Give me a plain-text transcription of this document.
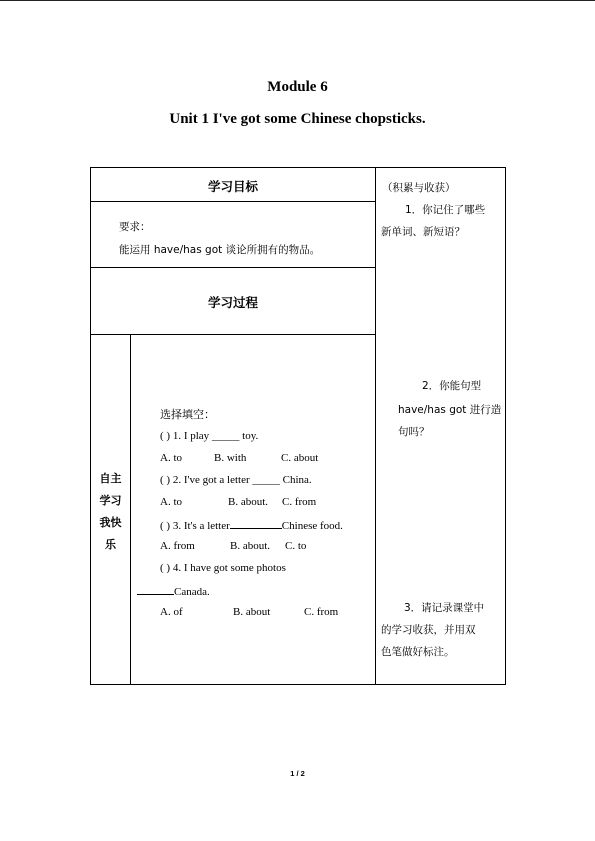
Module 6
Unit 1 I've got some Chinese chopsticks.
学习目标
要求：
能运用 have/has got 谈论所拥有的物品。
学习过程
自主
学习
我快
乐
选择填空：
( ) 1. I play _____ toy.
A. to	B. with	C. about
( ) 2. I've got a letter _____ China.
A. to	B. about. C. from
( ) 3. It's a letter	Chinese food.
A. from	B. about. C. to
( ) 4. I have got some photos
Canada.
A. of	B. about	C. from
（积累与收获）
1．你记住了哪些
新单词、新短语？
2．你能句型
have/has got 进行造
句吗？
3．请记录课堂中
的学习收获，并用双
色笔做好标注。
1 / 2
